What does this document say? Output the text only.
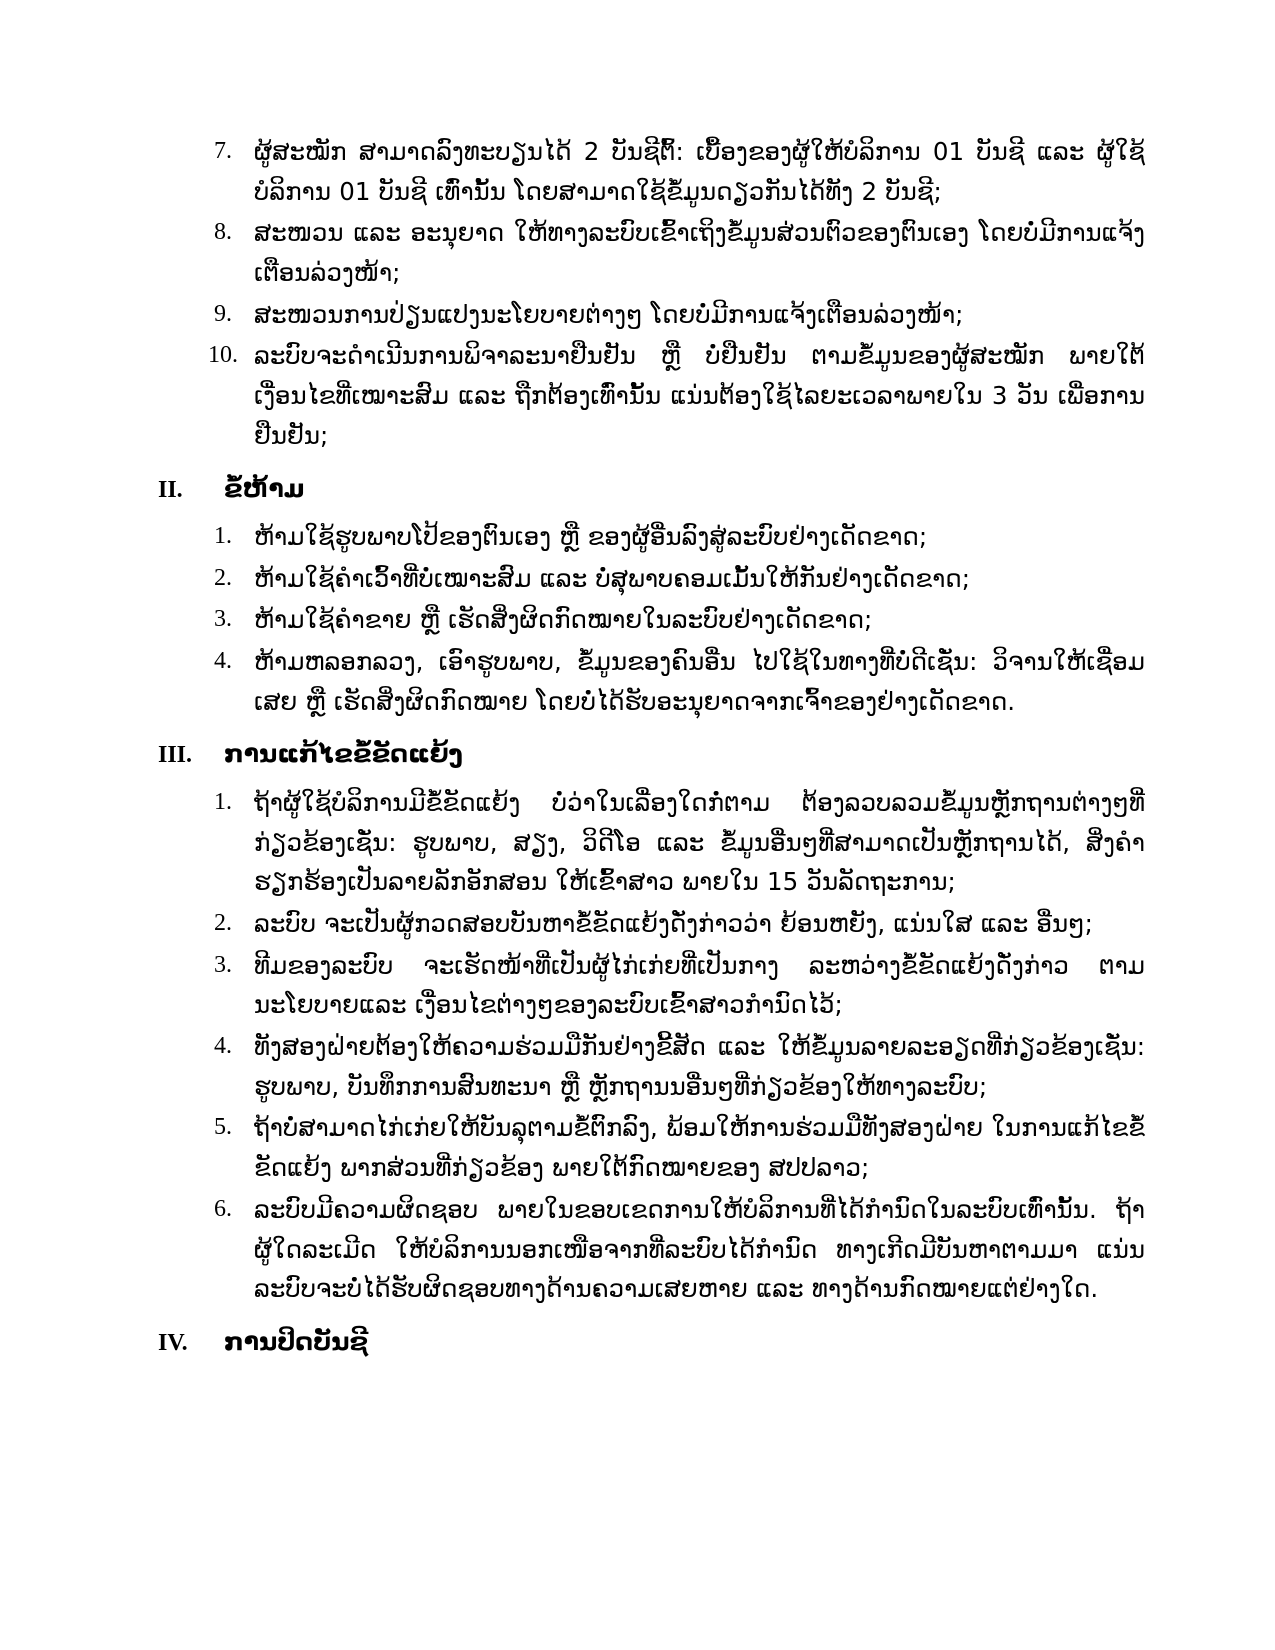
7. ຜູ້ສະໝັກ ສາມາດລົງທະບຽນໄດ້ 2 ບັນຊີຕົ້: ເບື້ອງຂອງຜູ້ໃຫ້ບໍລິການ 01 ບັນຊີ ແລະ ຜູ້ໃຊ້ບໍລິການ 01 ບັນຊີ ເທົ່ານັ້ນ ໂດຍສາມາດໃຊ້ຂໍ້ມູນດຽວກັນໄດ້ທັງ 2 ບັນຊີ;
8. ສະໜວນ ແລະ ອະນຸຍາດ ໃຫ້ທາງລະບົບເຂົ້າເຖິງຂໍ້ມູນສ່ວນຕົວຂອງຕົນເອງ ໂດຍບໍ່ມີການແຈ້ງເຕືອນລ່ວງໜ້າ;
9. ສະໜວນການປ່ຽນແປງນະໂຍບາຍຕ່າງໆ ໂດຍບໍ່ມີການແຈ້ງເຕືອນລ່ວງໜ້າ;
10. ລະບົບຈະດຳເນີນການພິຈາລະນາຢືນຢັນ ຫຼື ບໍ່ຢືນຢັນ ຕາມຂໍ້ມູນຂອງຜູ້ສະໝັກ ພາຍໃຕ້ເງື່ອນໄຂທີ່ເໝາະສົມ ແລະ ຖືກຕ້ອງເທົ່ານັ້ນ ແນ່ນຕ້ອງໃຊ້ໄລຍະເວລາພາຍໃນ 3 ວັນ ເພື່ອການຢືນຢັນ;
II.	ຂໍ້ຫ້າມ
1. ຫ້າມໃຊ້ຮູບພາບໂປ້ຂອງຕົນເອງ ຫຼື ຂອງຜູ້ອື່ນລົງສູ່ລະບົບຢ່າງເດັດຂາດ;
2. ຫ້າມໃຊ້ຄຳເວົ້າທີ່ບໍ່ເໝາະສົມ ແລະ ບໍ່ສຸພາບຄອມເມັ້ນໃຫ້ກັນຢ່າງເດັດຂາດ;
3. ຫ້າມໃຊ້ຄຳຂາຍ ຫຼື ເຮັດສິ່ງຜິດກົດໝາຍໃນລະບົບຢ່າງເດັດຂາດ;
4. ຫ້າມຫລອກລວງ, ເອົາຮູບພາບ, ຂໍ້ມູນຂອງຄົນອື່ນ ໄປໃຊ້ໃນທາງທີ່ບໍ່ດີເຊັ່ນ: ວິຈານໃຫ້ເຊື່ອມເສຍ ຫຼື ເຮັດສິ່ງຜິດກົດໝາຍ ໂດຍບໍ່ໄດ້ຮັບອະນຸຍາດຈາກເຈົ້າຂອງຢ່າງເດັດຂາດ.
III.	ການແກ້ໄຂຂໍ້ຂັດແຍ້ງ
1. ຖ້າຜູ້ໃຊ້ບໍລິການມີຂໍ້ຂັດແຍ້ງ ບໍ່ວ່າໃນເລື່ອງໃດກໍ່ຕາມ ຕ້ອງລວບລວມຂໍ້ມູນຫຼັກຖານຕ່າງໆທີ່ກ່ຽວຂ້ອງເຊັ່ນ: ຮູບພາບ, ສຽງ, ວິດີໂອ ແລະ ຂໍ້ມູນອື່ນໆທີ່ສາມາດເປັນຫຼັກຖານໄດ້, ສິ່ງຄຳຮຽກຮ້ອງເປັນລາຍລັກອັກສອນ ໃຫ້ເຂົ້າສາວ ພາຍໃນ 15 ວັນລັດຖະການ;
2. ລະບົບ ຈະເປັນຜູ້ກວດສອບບັນຫາຂໍ້ຂັດແຍ້ງດັ່ງກ່າວວ່າ ຍ້ອນຫຍັງ, ແນ່ນໃສ ແລະ ອື່ນໆ;
3. ທີມຂອງລະບົບ ຈະເຮັດໜ້າທີ່ເປັນຜູ້ໄກ່ເກ່ຍທີ່ເປັນກາງ ລະຫວ່າງຂໍ້ຂັດແຍ້ງດັ່ງກ່າວ ຕາມນະໂຍບາຍແລະ ເງື່ອນໄຂຕ່າງໆຂອງລະບົບເຂົ້າສາວກຳນົດໄວ້;
4. ທັງສອງຝ່າຍຕ້ອງໃຫ້ຄວາມຮ່ວມມືກັນຢ່າງຂີ້ສັດ ແລະ ໃຫ້ຂໍ້ມູນລາຍລະອຽດທີ່ກ່ຽວຂ້ອງເຊັ່ນ: ຮູບພາບ, ບັນທຶກການສົນທະນາ ຫຼື ຫຼັກຖານນອື່ນໆທີ່ກ່ຽວຂ້ອງໃຫ້ທາງລະບົບ;
5. ຖ້າບໍ່ສາມາດໄກ່ເກ່ຍໃຫ້ບັນລຸຕາມຂໍ້ຕົກລົງ, ພ້ອມໃຫ້ການຮ່ວມມືທັງສອງຝ່າຍ ໃນການແກ້ໄຂຂໍ້ຂັດແຍ້ງ ພາກສ່ວນທີ່ກ່ຽວຂ້ອງ ພາຍໃຕ້ກົດໝາຍຂອງ ສປປລາວ;
6. ລະບົບມີຄວາມຜິດຊອບ ພາຍໃນຂອບເຂດການໃຫ້ບໍລິການທີ່ໄດ້ກຳນົດໃນລະບົບເທົ່ານັ້ນ. ຖ້າຜູ້ໃດລະເມີດ ໃຫ້ບໍລິການນອກເໜືອຈາກທີ່ລະບົບໄດ້ກຳນົດ ທາງເກີດມີບັນຫາຕາມມາ ແນ່ນລະບົບຈະບໍ່ໄດ້ຮັບຜິດຊອບທາງດ້ານຄວາມເສຍຫາຍ ແລະ ທາງດ້ານກົດໝາຍແຕ່ຢ່າງໃດ.
IV.	ການປິດບັນຊີ
